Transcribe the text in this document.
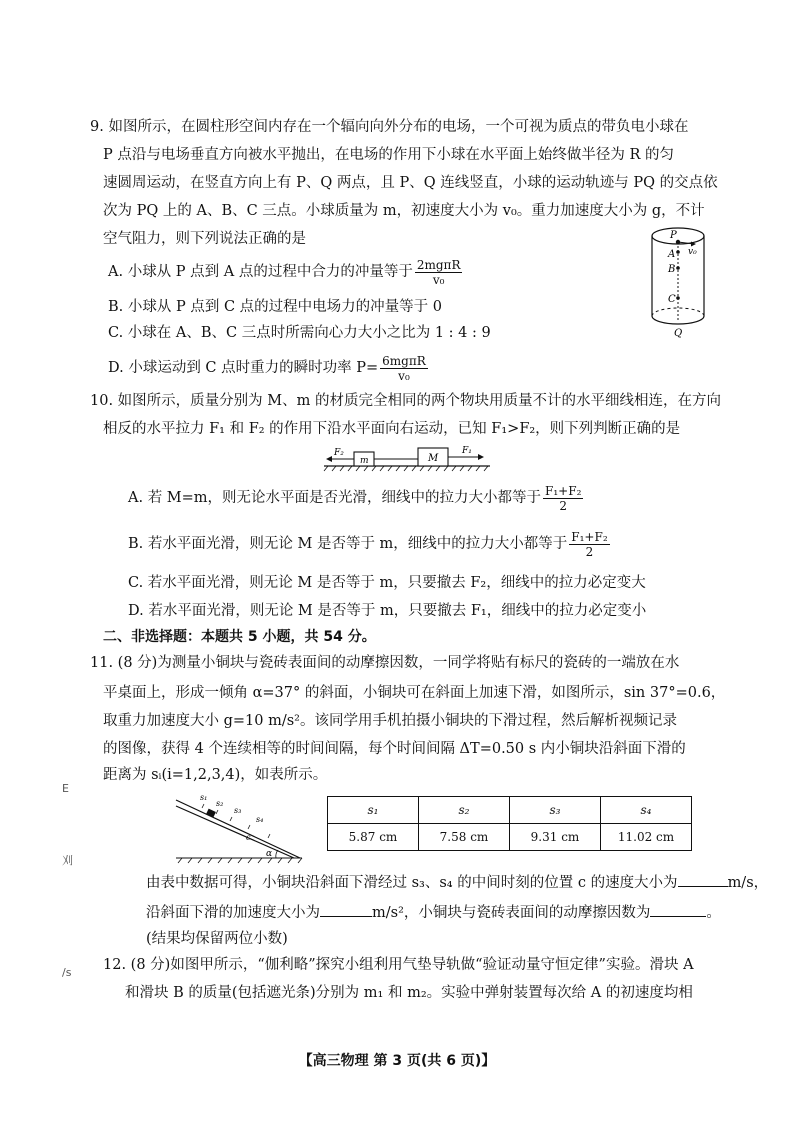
9. 如图所示，在圆柱形空间内存在一个辐向向外分布的电场，一个可视为质点的带负电小球在
P 点沿与电场垂直方向被水平抛出，在电场的作用下小球在水平面上始终做半径为 R 的匀
速圆周运动，在竖直方向上有 P、Q 两点，且 P、Q 连线竖直，小球的运动轨迹与 PQ 的交点依
次为 PQ 上的 A、B、C 三点。小球质量为 m，初速度大小为 v₀。重力加速度大小为 g，不计
空气阻力，则下列说法正确的是
A. 小球从 P 点到 A 点的过程中合力的冲量等于 $\frac{\text{2mgπR}}{\text{v₀}}$
B. 小球从 P 点到 C 点的过程中电场力的冲量等于 0
C. 小球在 A、B、C 三点时所需向心力大小之比为 1 : 4 : 9
D. 小球运动到 C 点时重力的瞬时功率 $P= \frac{\text{6mgπR}}{\text{v₀}}$
P
A
B
C
v₀
Q
10. 如图所示，质量分别为 M、m 的材质完全相同的两个物块用质量不计的水平细线相连，在方向
相反的水平拉力 F₁ 和 F₂ 的作用下沿水平面向右运动，已知 F₁>F₂，则下列判断正确的是
F₂
m	M
F₁
A. 若 M=m，则无论水平面是否光滑，细线中的拉力大小都等于 $\frac{\text{F₁+F₂}}{2}$
B. 若水平面光滑，则无论 M 是否等于 m，细线中的拉力大小都等于 $\frac{\text{F₁+F₂}}{2}$
C. 若水平面光滑，则无论 M 是否等于 m，只要撤去 F₂，细线中的拉力必定变大
D. 若水平面光滑，则无论 M 是否等于 m，只要撤去 F₁，细线中的拉力必定变小
二、非选择题：本题共 5 小题，共 54 分。
11. (8 分)为测量小铜块与瓷砖表面间的动摩擦因数，一同学将贴有标尺的瓷砖的一端放在水
平桌面上，形成一倾角 α=37° 的斜面，小铜块可在斜面上加速下滑，如图所示，sin 37°=0.6，
取重力加速度大小 g=10 m/s²。该同学用手机拍摄小铜块的下滑过程，然后解析视频记录
的图像，获得 4 个连续相等的时间间隔，每个时间间隔 ΔT=0.50 s 内小铜块沿斜面下滑的
距离为 sᵢ(i=1,2,3,4)，如表所示。
s₁
s₂
s₃
s₄
c
α
s₁	s₂	s₃	s₄
5.87 cm	7.58 cm	9.31 cm	11.02 cm
由表中数据可得，小铜块沿斜面下滑经过 s₃、s₄ 的中间时刻的位置 c 的速度大小为	m/s，
沿斜面下滑的加速度大小为	m/s²，小铜块与瓷砖表面间的动摩擦因数为	。
(结果均保留两位小数)
12. (8 分)如图甲所示，“伽利略”探究小组利用气垫导轨做“验证动量守恒定律”实验。滑块 A
和滑块 B 的质量(包括遮光条)分别为 m₁ 和 m₂。实验中弹射装置每次给 A 的初速度均相
E
刈
/s
【高三物理 第 3 页(共 6 页)】
